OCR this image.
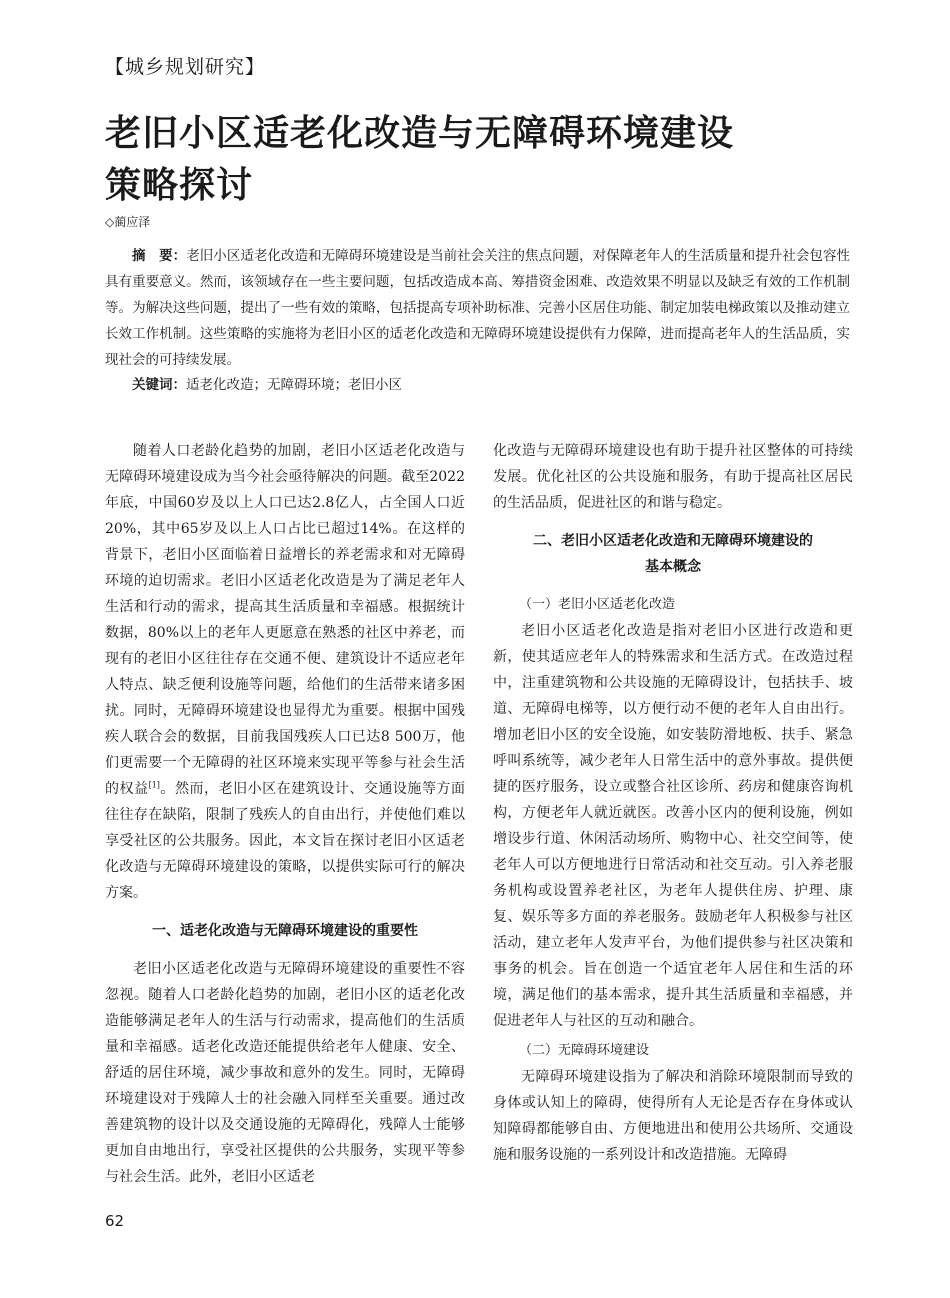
【城乡规划研究】
老旧小区适老化改造与无障碍环境建设
策略探讨
◇蔺应泽

摘　要：老旧小区适老化改造和无障碍环境建设是当前社会关注的焦点问题，对保障老年人的生活质量和提升社会包容性具有重要意义。然而，该领域存在一些主要问题，包括改造成本高、筹措资金困难、改造效果不明显以及缺乏有效的工作机制等。为解决这些问题，提出了一些有效的策略，包括提高专项补助标准、完善小区居住功能、制定加装电梯政策以及推动建立长效工作机制。这些策略的实施将为老旧小区的适老化改造和无障碍环境建设提供有力保障，进而提高老年人的生活品质，实现社会的可持续发展。

关键词：适老化改造；无障碍环境；老旧小区

随着人口老龄化趋势的加剧，老旧小区适老化改造与无障碍环境建设成为当今社会亟待解决的问题。截至2022年底，中国60岁及以上人口已达2.8亿人，占全国人口近20%，其中65岁及以上人口占比已超过14%。在这样的背景下，老旧小区面临着日益增长的养老需求和对无障碍环境的迫切需求。老旧小区适老化改造是为了满足老年人生活和行动的需求，提高其生活质量和幸福感。根据统计数据，80%以上的老年人更愿意在熟悉的社区中养老，而现有的老旧小区往往存在交通不便、建筑设计不适应老年人特点、缺乏便利设施等问题，给他们的生活带来诸多困扰。同时，无障碍环境建设也显得尤为重要。根据中国残疾人联合会的数据，目前我国残疾人口已达8 500万，他们更需要一个无障碍的社区环境来实现平等参与社会生活的权益[1]。然而，老旧小区在建筑设计、交通设施等方面往往存在缺陷，限制了残疾人的自由出行，并使他们难以享受社区的公共服务。因此，本文旨在探讨老旧小区适老化改造与无障碍环境建设的策略，以提供实际可行的解决方案。

一、适老化改造与无障碍环境建设的重要性

老旧小区适老化改造与无障碍环境建设的重要性不容忽视。随着人口老龄化趋势的加剧，老旧小区的适老化改造能够满足老年人的生活与行动需求，提高他们的生活质量和幸福感。适老化改造还能提供给老年人健康、安全、舒适的居住环境，减少事故和意外的发生。同时，无障碍环境建设对于残障人士的社会融入同样至关重要。通过改善建筑物的设计以及交通设施的无障碍化，残障人士能够更加自由地出行，享受社区提供的公共服务，实现平等参与社会生活。此外，老旧小区适老

化改造与无障碍环境建设也有助于提升社区整体的可持续发展。优化社区的公共设施和服务，有助于提高社区居民的生活品质，促进社区的和谐与稳定。

二、老旧小区适老化改造和无障碍环境建设的
基本概念
（一）老旧小区适老化改造

老旧小区适老化改造是指对老旧小区进行改造和更新，使其适应老年人的特殊需求和生活方式。在改造过程中，注重建筑物和公共设施的无障碍设计，包括扶手、坡道、无障碍电梯等，以方便行动不便的老年人自由出行。增加老旧小区的安全设施，如安装防滑地板、扶手、紧急呼叫系统等，减少老年人日常生活中的意外事故。提供便捷的医疗服务，设立或整合社区诊所、药房和健康咨询机构，方便老年人就近就医。改善小区内的便利设施，例如增设步行道、休闲活动场所、购物中心、社交空间等，使老年人可以方便地进行日常活动和社交互动。引入养老服务机构或设置养老社区，为老年人提供住房、护理、康复、娱乐等多方面的养老服务。鼓励老年人积极参与社区活动，建立老年人发声平台，为他们提供参与社区决策和事务的机会。旨在创造一个适宜老年人居住和生活的环境，满足他们的基本需求，提升其生活质量和幸福感，并促进老年人与社区的互动和融合。

（二）无障碍环境建设

无障碍环境建设指为了解决和消除环境限制而导致的身体或认知上的障碍，使得所有人无论是否存在身体或认知障碍都能够自由、方便地进出和使用公共场所、交通设施和服务设施的一系列设计和改造措施。无障碍

62
